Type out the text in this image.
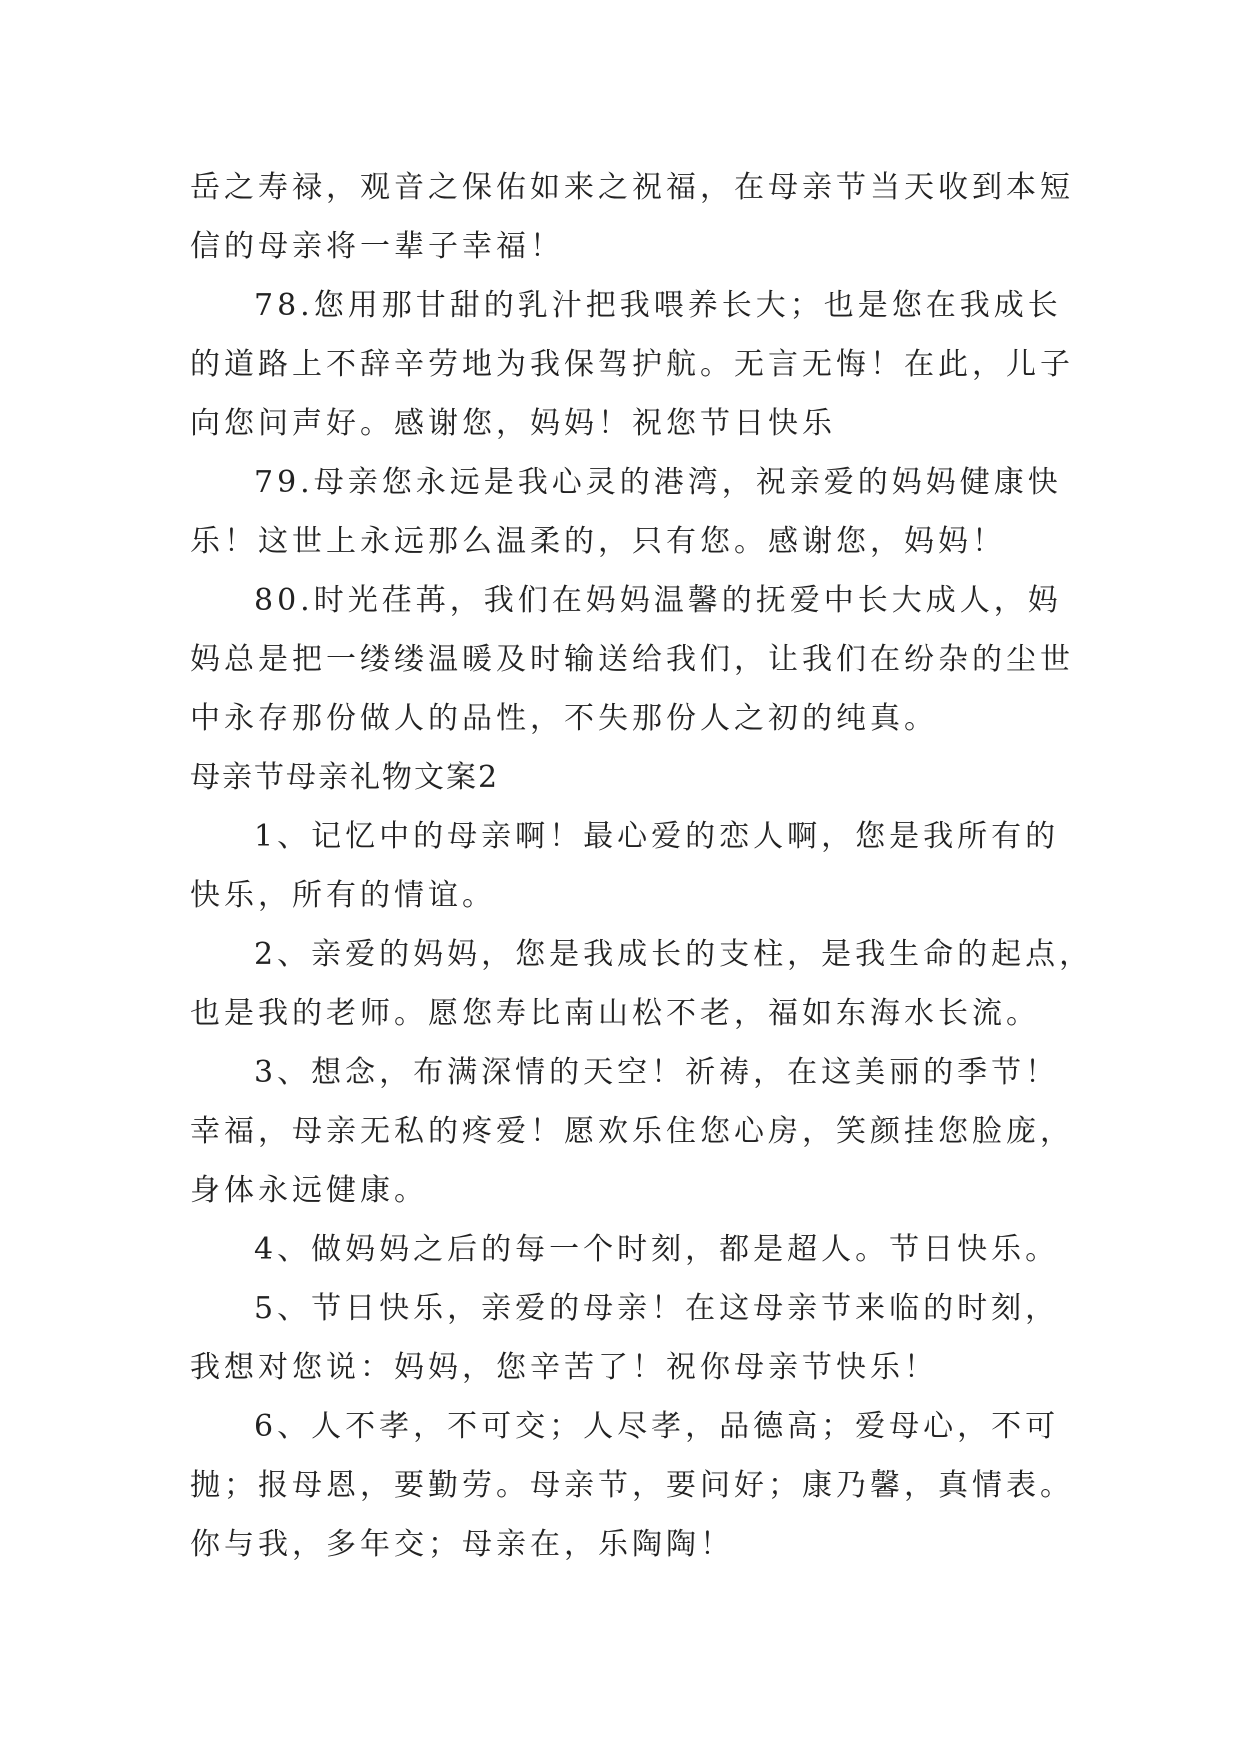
岳之寿禄，观音之保佑如来之祝福，在母亲节当天收到本短
信的母亲将一辈子幸福！
78.您用那甘甜的乳汁把我喂养长大；也是您在我成长
的道路上不辞辛劳地为我保驾护航。无言无悔！在此，儿子
向您问声好。感谢您，妈妈！祝您节日快乐
79.母亲您永远是我心灵的港湾，祝亲爱的妈妈健康快
乐！这世上永远那么温柔的，只有您。感谢您，妈妈！
80.时光荏苒，我们在妈妈温馨的抚爱中长大成人，妈
妈总是把一缕缕温暖及时输送给我们，让我们在纷杂的尘世
中永存那份做人的品性，不失那份人之初的纯真。
母亲节母亲礼物文案2
1、记忆中的母亲啊！最心爱的恋人啊，您是我所有的
快乐，所有的情谊。
2、亲爱的妈妈，您是我成长的支柱，是我生命的起点，
也是我的老师。愿您寿比南山松不老，福如东海水长流。
3、想念，布满深情的天空！祈祷，在这美丽的季节！
幸福，母亲无私的疼爱！愿欢乐住您心房，笑颜挂您脸庞，
身体永远健康。
4、做妈妈之后的每一个时刻，都是超人。节日快乐。
5、节日快乐，亲爱的母亲！在这母亲节来临的时刻，
我想对您说：妈妈，您辛苦了！祝你母亲节快乐！
6、人不孝，不可交；人尽孝，品德高；爱母心，不可
抛；报母恩，要勤劳。母亲节，要问好；康乃馨，真情表。
你与我，多年交；母亲在，乐陶陶！
